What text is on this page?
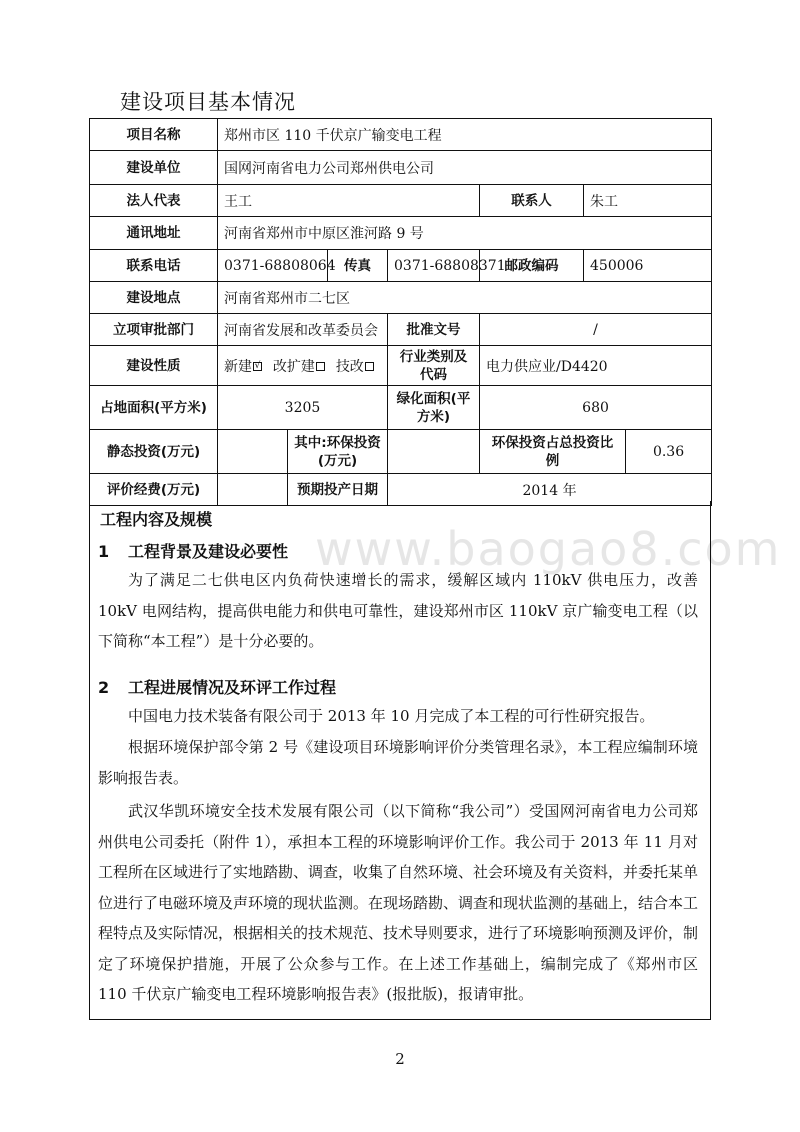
建设项目基本情况
项目名称	郑州市区 110 千伏京广输变电工程						
建设单位	国网河南省电力公司郑州供电公司						
法人代表	王工				联系人	朱工	
通讯地址	河南省郑州市中原区淮河路 9 号						
联系电话	0371-68808064		传真	0371-68808371	邮政编码	450006	
建设地点	河南省郑州市二七区						
立项审批部门	河南省发展和改革委员会			批准文号	/		
建设性质	新建 √ 改扩建 技改			行业类别及代码	电力供应业/D4420		
占地面积(平方米)	3205			绿化面积(平方米)	680		
静态投资(万元)		其中:环保投资(万元)			环保投资占总投资比例		0.36
评价经费(万元)		预期投产日期		2014 年			
www.baogao8.com
工程内容及规模
1 工程背景及建设必要性
为了满足二七供电区内负荷快速增长的需求，缓解区域内 110kV 供电压力，改善 10kV 电网结构，提高供电能力和供电可靠性，建设郑州市区 110kV 京广输变电工程（以下简称“本工程”）是十分必要的。
2 工程进展情况及环评工作过程
中国电力技术装备有限公司于 2013 年 10 月完成了本工程的可行性研究报告。
根据环境保护部令第 2 号《建设项目环境影响评价分类管理名录》，本工程应编制环境影响报告表。
武汉华凯环境安全技术发展有限公司（以下简称“我公司”）受国网河南省电力公司郑州供电公司委托（附件 1），承担本工程的环境影响评价工作。我公司于 2013 年 11 月对工程所在区域进行了实地踏勘、调查，收集了自然环境、社会环境及有关资料，并委托某单位进行了电磁环境及声环境的现状监测。在现场踏勘、调查和现状监测的基础上，结合本工程特点及实际情况，根据相关的技术规范、技术导则要求，进行了环境影响预测及评价，制定了环境保护措施，开展了公众参与工作。在上述工作基础上，编制完成了《郑州市区 110 千伏京广输变电工程环境影响报告表》(报批版)，报请审批。
2
